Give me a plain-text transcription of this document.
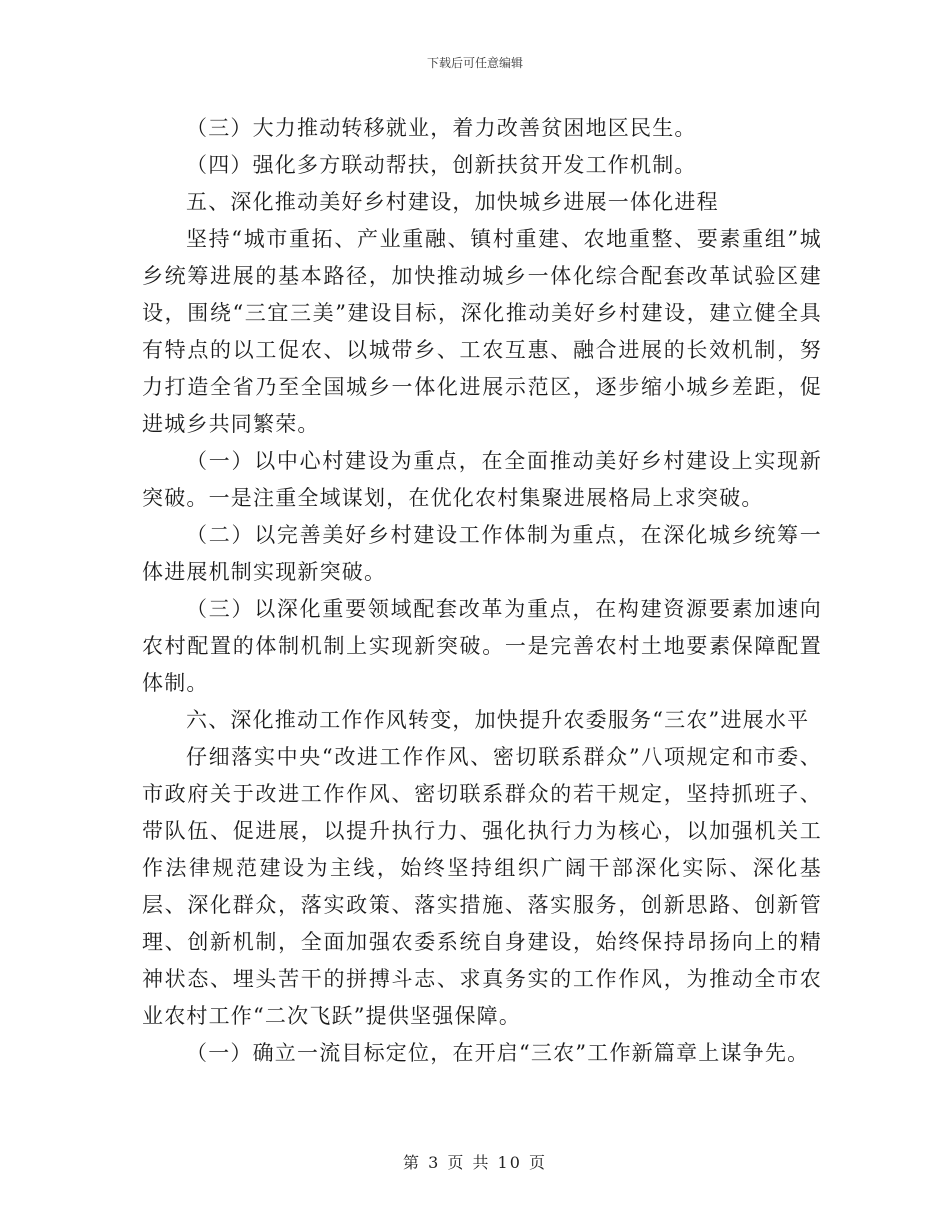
下载后可任意编辑

（三）大力推动转移就业，着力改善贫困地区民生。

（四）强化多方联动帮扶，创新扶贫开发工作机制。

五、深化推动美好乡村建设，加快城乡进展一体化进程

坚持“城市重拓、产业重融、镇村重建、农地重整、要素重组”城乡统筹进展的基本路径，加快推动城乡一体化综合配套改革试验区建设，围绕“三宜三美”建设目标，深化推动美好乡村建设，建立健全具有特点的以工促农、以城带乡、工农互惠、融合进展的长效机制，努力打造全省乃至全国城乡一体化进展示范区，逐步缩小城乡差距，促进城乡共同繁荣。

（一）以中心村建设为重点，在全面推动美好乡村建设上实现新突破。一是注重全域谋划，在优化农村集聚进展格局上求突破。

（二）以完善美好乡村建设工作体制为重点，在深化城乡统筹一体进展机制实现新突破。

（三）以深化重要领域配套改革为重点，在构建资源要素加速向农村配置的体制机制上实现新突破。一是完善农村土地要素保障配置体制。

六、深化推动工作作风转变，加快提升农委服务“三农”进展水平

仔细落实中央“改进工作作风、密切联系群众”八项规定和市委、市政府关于改进工作作风、密切联系群众的若干规定，坚持抓班子、带队伍、促进展，以提升执行力、强化执行力为核心，以加强机关工作法律规范建设为主线，始终坚持组织广阔干部深化实际、深化基层、深化群众，落实政策、落实措施、落实服务，创新思路、创新管理、创新机制，全面加强农委系统自身建设，始终保持昂扬向上的精神状态、埋头苦干的拼搏斗志、求真务实的工作作风，为推动全市农业农村工作“二次飞跃”提供坚强保障。

（一）确立一流目标定位，在开启“三农”工作新篇章上谋争先。

第 3 页 共 10 页
